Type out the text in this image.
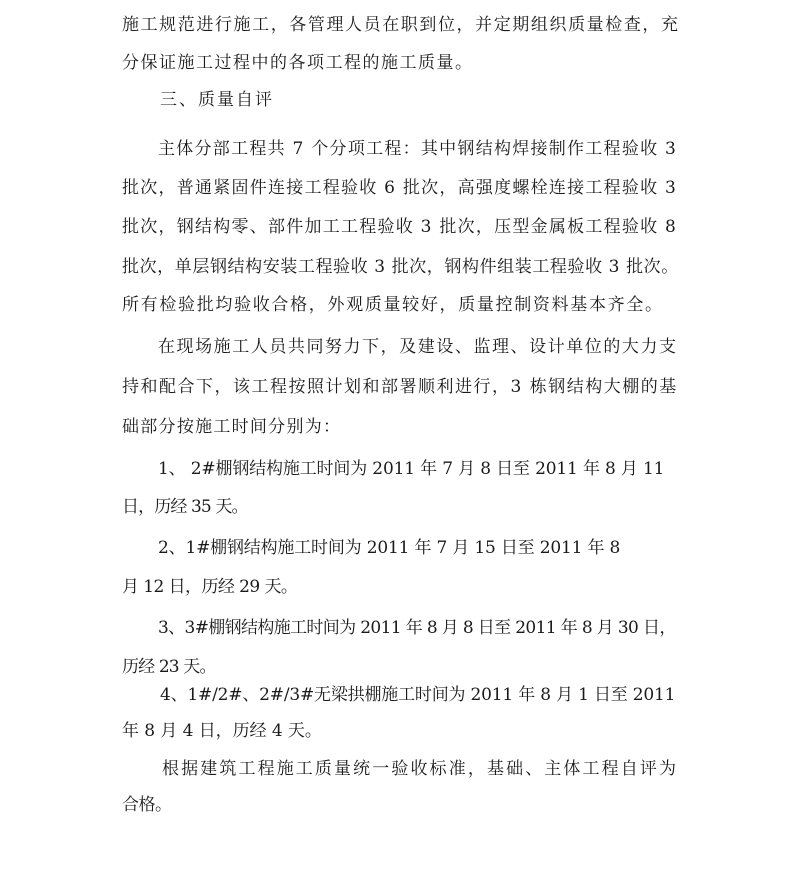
施工规范进行施工，各管理人员在职到位，并定期组织质量检查，充
分保证施工过程中的各项工程的施工质量。
三、质量自评
主体分部工程共 7 个分项工程：其中钢结构焊接制作工程验收 3
批次，普通紧固件连接工程验收 6 批次，高强度螺栓连接工程验收 3
批次，钢结构零、部件加工工程验收 3 批次，压型金属板工程验收 8
批次，单层钢结构安装工程验收 3 批次，钢构件组装工程验收 3 批次。
所有检验批均验收合格，外观质量较好，质量控制资料基本齐全。
在现场施工人员共同努力下，及建设、监理、设计单位的大力支
持和配合下，该工程按照计划和部署顺利进行，3 栋钢结构大棚的基
础部分按施工时间分别为：
1、 2#棚钢结构施工时间为 2011 年 7 月 8 日至 2011 年 8 月 11
日，历经 35 天。
2、1#棚钢结构施工时间为 2011 年 7 月 15 日至 2011 年 8
月 12 日，历经 29 天。
3、3#棚钢结构施工时间为 2011 年 8 月 8 日至 2011 年 8 月 30 日，
历经 23 天。
4、1#/2#、2#/3#无梁拱棚施工时间为 2011 年 8 月 1 日至 2011
年 8 月 4 日，历经 4 天。
根据建筑工程施工质量统一验收标准，基础、主体工程自评为
合格。
